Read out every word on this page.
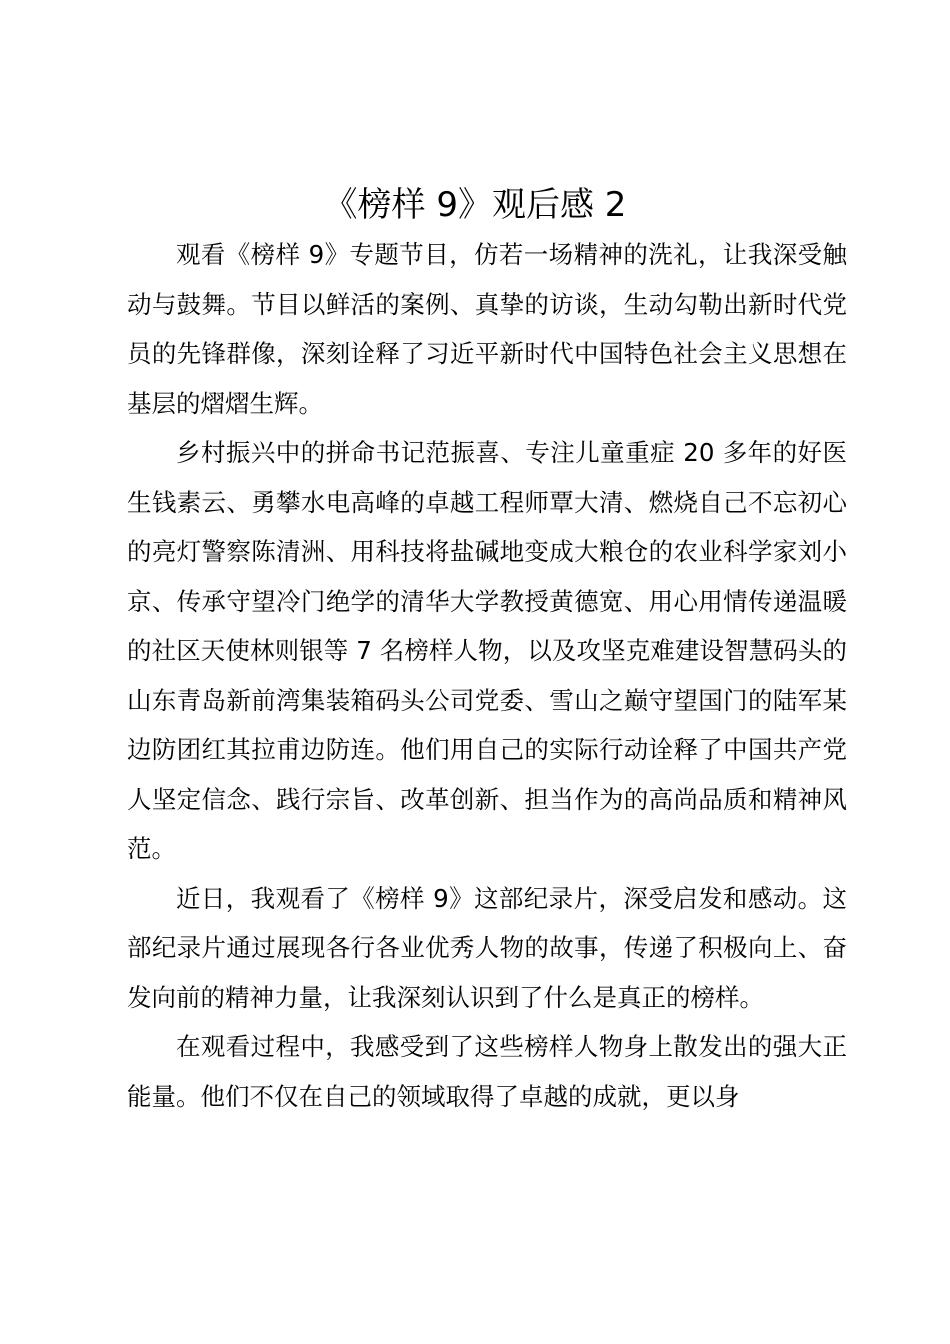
《榜样 9》观后感 2

观看《榜样 9》专题节目，仿若一场精神的洗礼，让我深受触动与鼓舞。节目以鲜活的案例、真挚的访谈，生动勾勒出新时代党员的先锋群像，深刻诠释了习近平新时代中国特色社会主义思想在基层的熠熠生辉。

乡村振兴中的拼命书记范振喜、专注儿童重症 20 多年的好医生钱素云、勇攀水电高峰的卓越工程师覃大清、燃烧自己不忘初心的亮灯警察陈清洲、用科技将盐碱地变成大粮仓的农业科学家刘小京、传承守望冷门绝学的清华大学教授黄德宽、用心用情传递温暖的社区天使林则银等 7 名榜样人物，以及攻坚克难建设智慧码头的山东青岛新前湾集装箱码头公司党委、雪山之巅守望国门的陆军某边防团红其拉甫边防连。他们用自己的实际行动诠释了中国共产党人坚定信念、践行宗旨、改革创新、担当作为的高尚品质和精神风范。

近日，我观看了《榜样 9》这部纪录片，深受启发和感动。这部纪录片通过展现各行各业优秀人物的故事，传递了积极向上、奋发向前的精神力量，让我深刻认识到了什么是真正的榜样。

在观看过程中，我感受到了这些榜样人物身上散发出的强大正能量。他们不仅在自己的领域取得了卓越的成就，更以身
